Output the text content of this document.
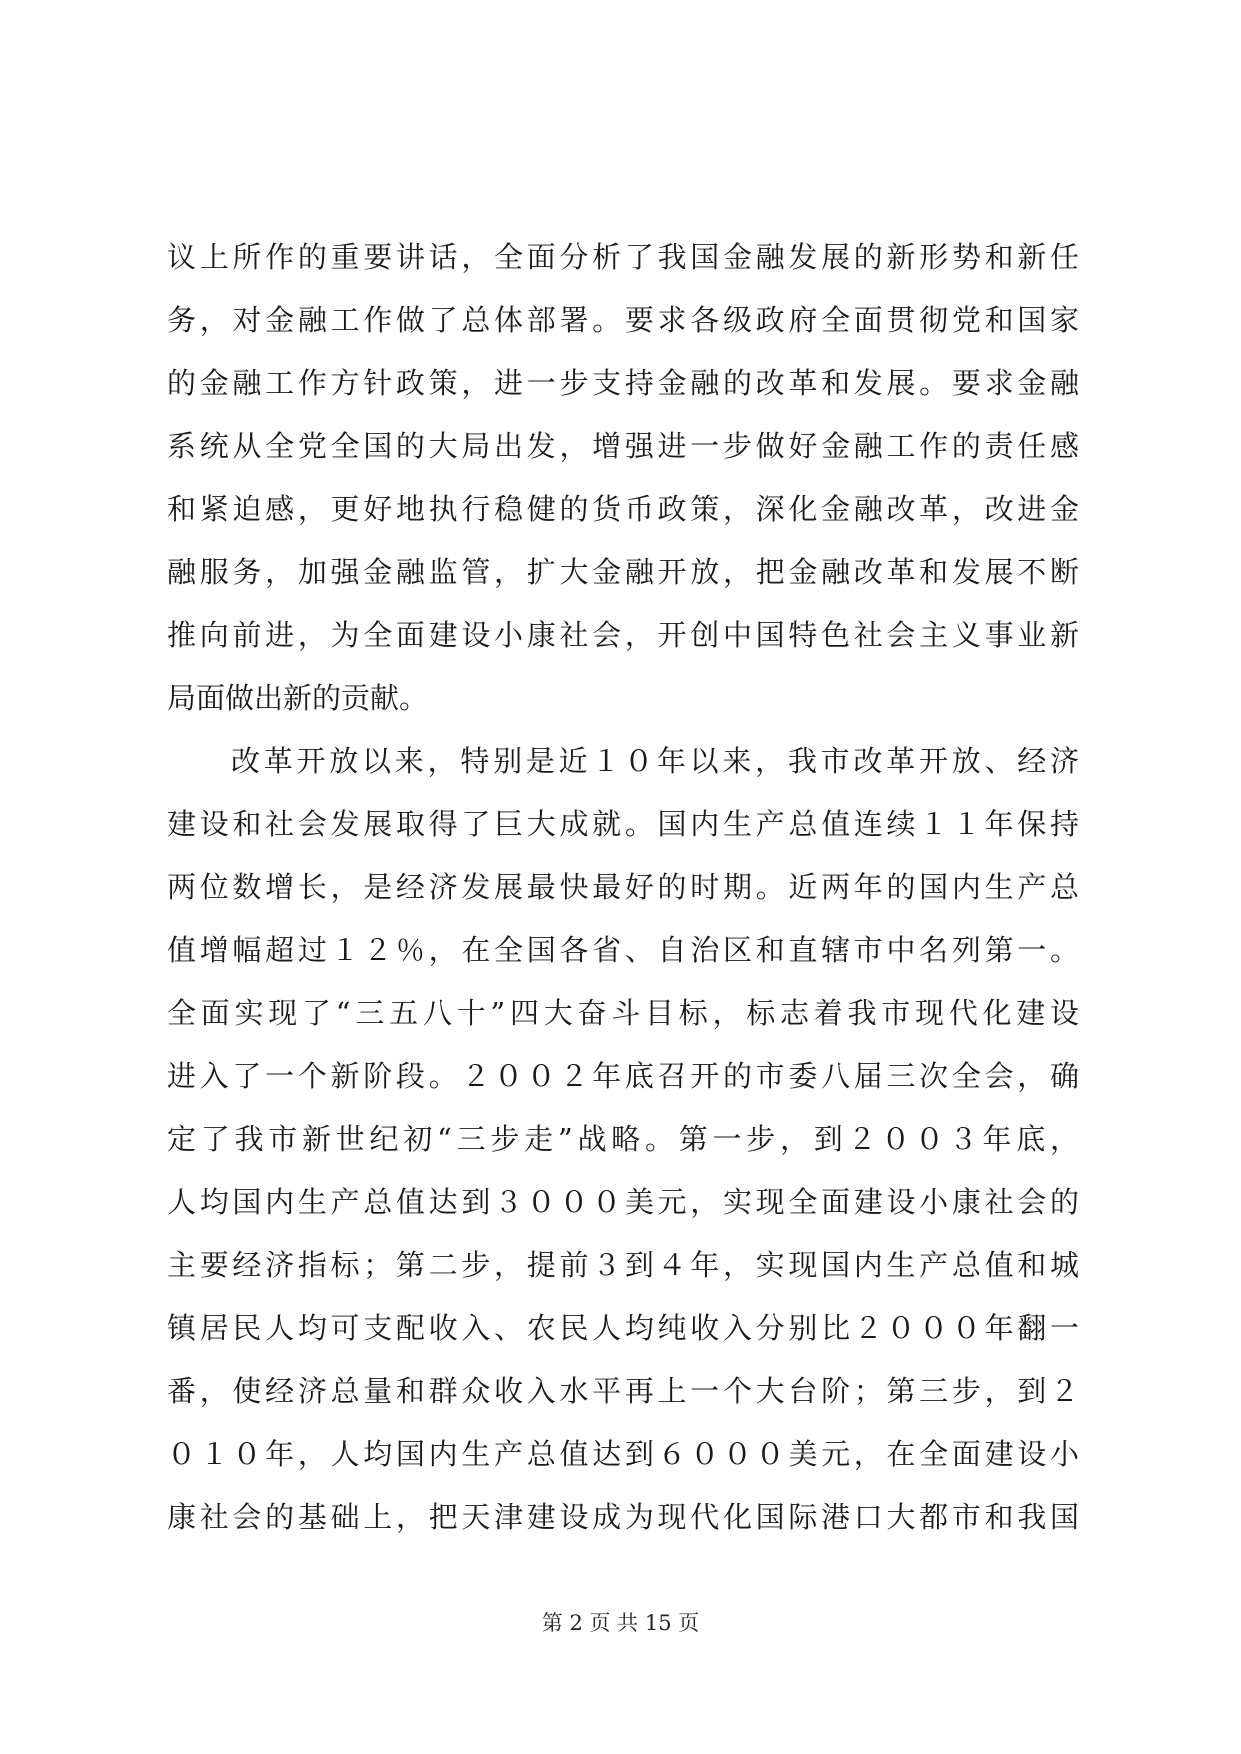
议上所作的重要讲话，全面分析了我国金融发展的新形势和新任
务，对金融工作做了总体部署。要求各级政府全面贯彻党和国家
的金融工作方针政策，进一步支持金融的改革和发展。要求金融
系统从全党全国的大局出发，增强进一步做好金融工作的责任感
和紧迫感，更好地执行稳健的货币政策，深化金融改革，改进金
融服务，加强金融监管，扩大金融开放，把金融改革和发展不断
推向前进，为全面建设小康社会，开创中国特色社会主义事业新
局面做出新的贡献。
改革开放以来，特别是近１０年以来，我市改革开放、经济
建设和社会发展取得了巨大成就。国内生产总值连续１１年保持
两位数增长，是经济发展最快最好的时期。近两年的国内生产总
值增幅超过１２％，在全国各省、自治区和直辖市中名列第一。
全面实现了“三五八十”四大奋斗目标，标志着我市现代化建设
进入了一个新阶段。２００２年底召开的市委八届三次全会，确
定了我市新世纪初“三步走”战略。第一步，到２００３年底，
人均国内生产总值达到３０００美元，实现全面建设小康社会的
主要经济指标；第二步，提前３到４年，实现国内生产总值和城
镇居民人均可支配收入、农民人均纯收入分别比２０００年翻一
番，使经济总量和群众收入水平再上一个大台阶；第三步，到２
０１０年，人均国内生产总值达到６０００美元，在全面建设小
康社会的基础上，把天津建设成为现代化国际港口大都市和我国
第 2 页 共 15 页
